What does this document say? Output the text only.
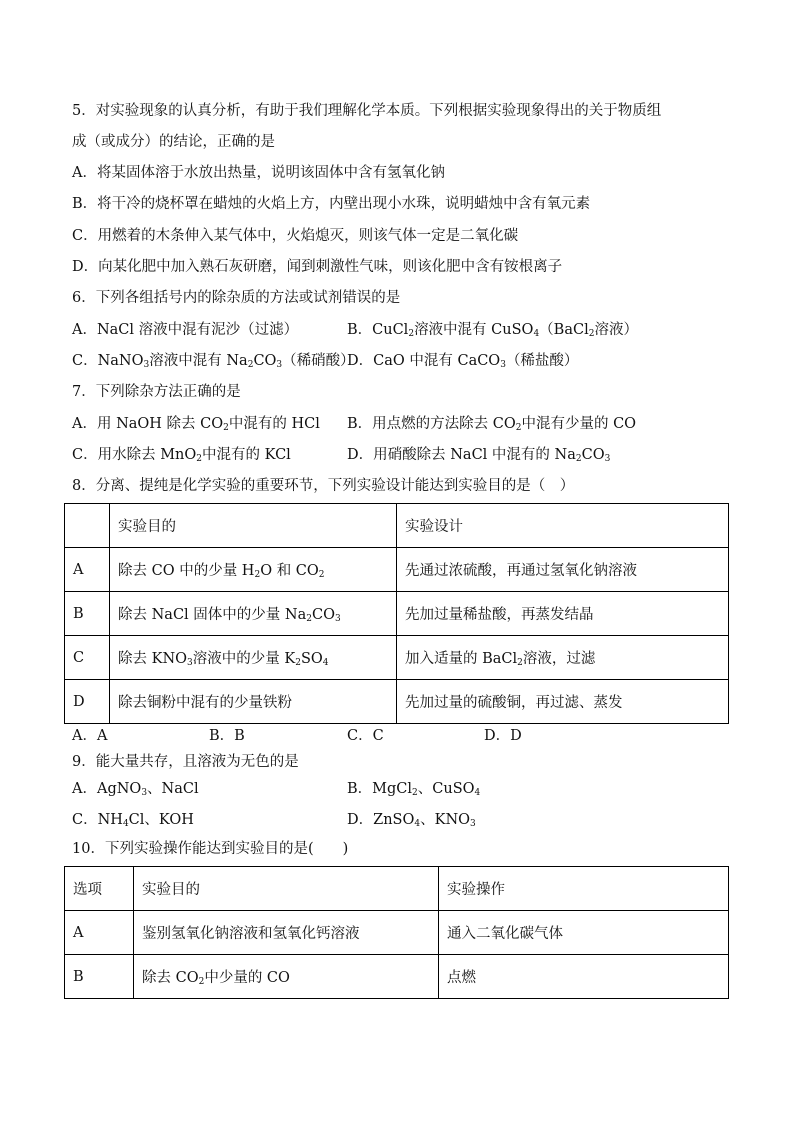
5．对实验现象的认真分析，有助于我们理解化学本质。下列根据实验现象得出的关于物质组
成（或成分）的结论，正确的是
A．将某固体溶于水放出热量，说明该固体中含有氢氧化钠
B．将干冷的烧杯罩在蜡烛的火焰上方，内壁出现小水珠，说明蜡烛中含有氧元素
C．用燃着的木条伸入某气体中，火焰熄灭，则该气体一定是二氧化碳
D．向某化肥中加入熟石灰研磨，闻到刺激性气味，则该化肥中含有铵根离子
6．下列各组括号内的除杂质的方法或试剂错误的是
A．NaCl 溶液中混有泥沙（过滤）	B．CuCl$_2$溶液中混有 CuSO$_4$（BaCl$_2$溶液）
C．NaNO$_3$溶液中混有 $Na_2CO_3$（稀硝酸）
D．CaO 中混有 CaCO$_3$（稀盐酸）
7．下列除杂方法正确的是
A．用 NaOH 除去 $CO_2$中混有的 HCl B．用点燃的方法除去 $CO_2$中混有少量的 CO
C．用水除去 MnO$_2$中混有的 KCl	D．用硝酸除去 NaCl 中混有的 $Na_2CO_3$
8．分离、提纯是化学实验的重要环节，下列实验设计能达到实验目的是（　）
	实验目的	实验设计
A	除去 CO 中的少量 $H_2O$ 和 $CO_2$	先通过浓硫酸，再通过氢氧化钠溶液
B	除去 NaCl 固体中的少量 $Na_2CO_3$	先加过量稀盐酸，再蒸发结晶
C	除去 $KNO_3$溶液中的少量 $K_2SO_4$	加入适量的 BaCl$_2$溶液，过滤
D	除去铜粉中混有的少量铁粉	先加过量的硫酸铜，再过滤、蒸发
A．A	B．B	C．C	D．D
9．能大量共存，且溶液为无色的是
A．AgNO$_3$、NaCl	B．MgCl$_2$、CuSO$_4$
C．$NH_4Cl$、KOH	D．ZnSO$_4$、$KNO_3$
10．下列实验操作能达到实验目的是(　　)
选项	实验目的	实验操作
A	鉴别氢氧化钠溶液和氢氧化钙溶液	通入二氧化碳气体
B	除去 $CO_2$中少量的 CO	点燃
